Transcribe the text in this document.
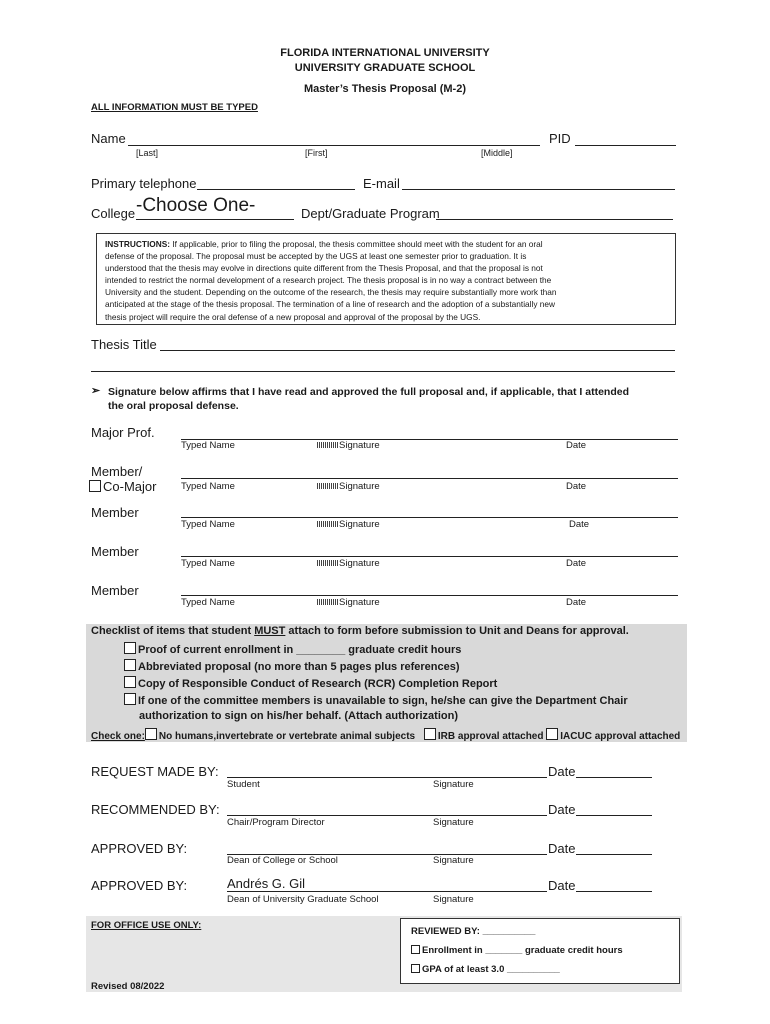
FLORIDA INTERNATIONAL UNIVERSITY
UNIVERSITY GRADUATE SCHOOL
Master’s Thesis Proposal (M-2)
ALL INFORMATION MUST BE TYPED
Name	PID
[Last]	[First]	[Middle]
Primary telephone	E-mail
College -Choose One-	Dept/Graduate Program
INSTRUCTIONS: If applicable, prior to filing the proposal, the thesis committee should meet with the student for an oral
defense of the proposal. The proposal must be accepted by the UGS at least one semester prior to graduation. It is
understood that the thesis may evolve in directions quite different from the Thesis Proposal, and that the proposal is not
intended to restrict the normal development of a research project. The thesis proposal is in no way a contract between the
University and the student. Depending on the outcome of the research, the thesis may require substantially more work than
anticipated at the stage of the thesis proposal. The termination of a line of research and the adoption of a substantially new
thesis project will require the oral defense of a new proposal and approval of the proposal by the UGS.
Thesis Title
➢ Signature below affirms that I have read and approved the full proposal and, if applicable, that I attended
the oral proposal defense.
Major Prof.
Typed Name	Signature	Date
Member/
Co-Major	Typed Name	Signature	Date
Member
Typed Name	Signature	Date
Member
Typed Name	Signature	Date
Member
Typed Name	Signature	Date
Checklist of items that student MUST attach to form before submission to Unit and Deans for approval.
Proof of current enrollment in ________ graduate credit hours
Abbreviated proposal (no more than 5 pages plus references)
Copy of Responsible Conduct of Research (RCR) Completion Report
If one of the committee members is unavailable to sign, he/she can give the Department Chair
authorization to sign on his/her behalf. (Attach authorization)
Check one: No humans,invertebrate or vertebrate animal subjects IRB approval attached IACUC approval attached
REQUEST MADE BY:	Date
Student	Signature
RECOMMENDED BY:	Date
Chair/Program Director	Signature
APPROVED BY:	Date
Dean of College or School	Signature
APPROVED BY:	Andrés G. Gil	Date
Dean of University Graduate School	Signature
FOR OFFICE USE ONLY:
REVIEWED BY: __________
Enrollment in _______ graduate credit hours
GPA of at least 3.0 __________
Revised 08/2022
